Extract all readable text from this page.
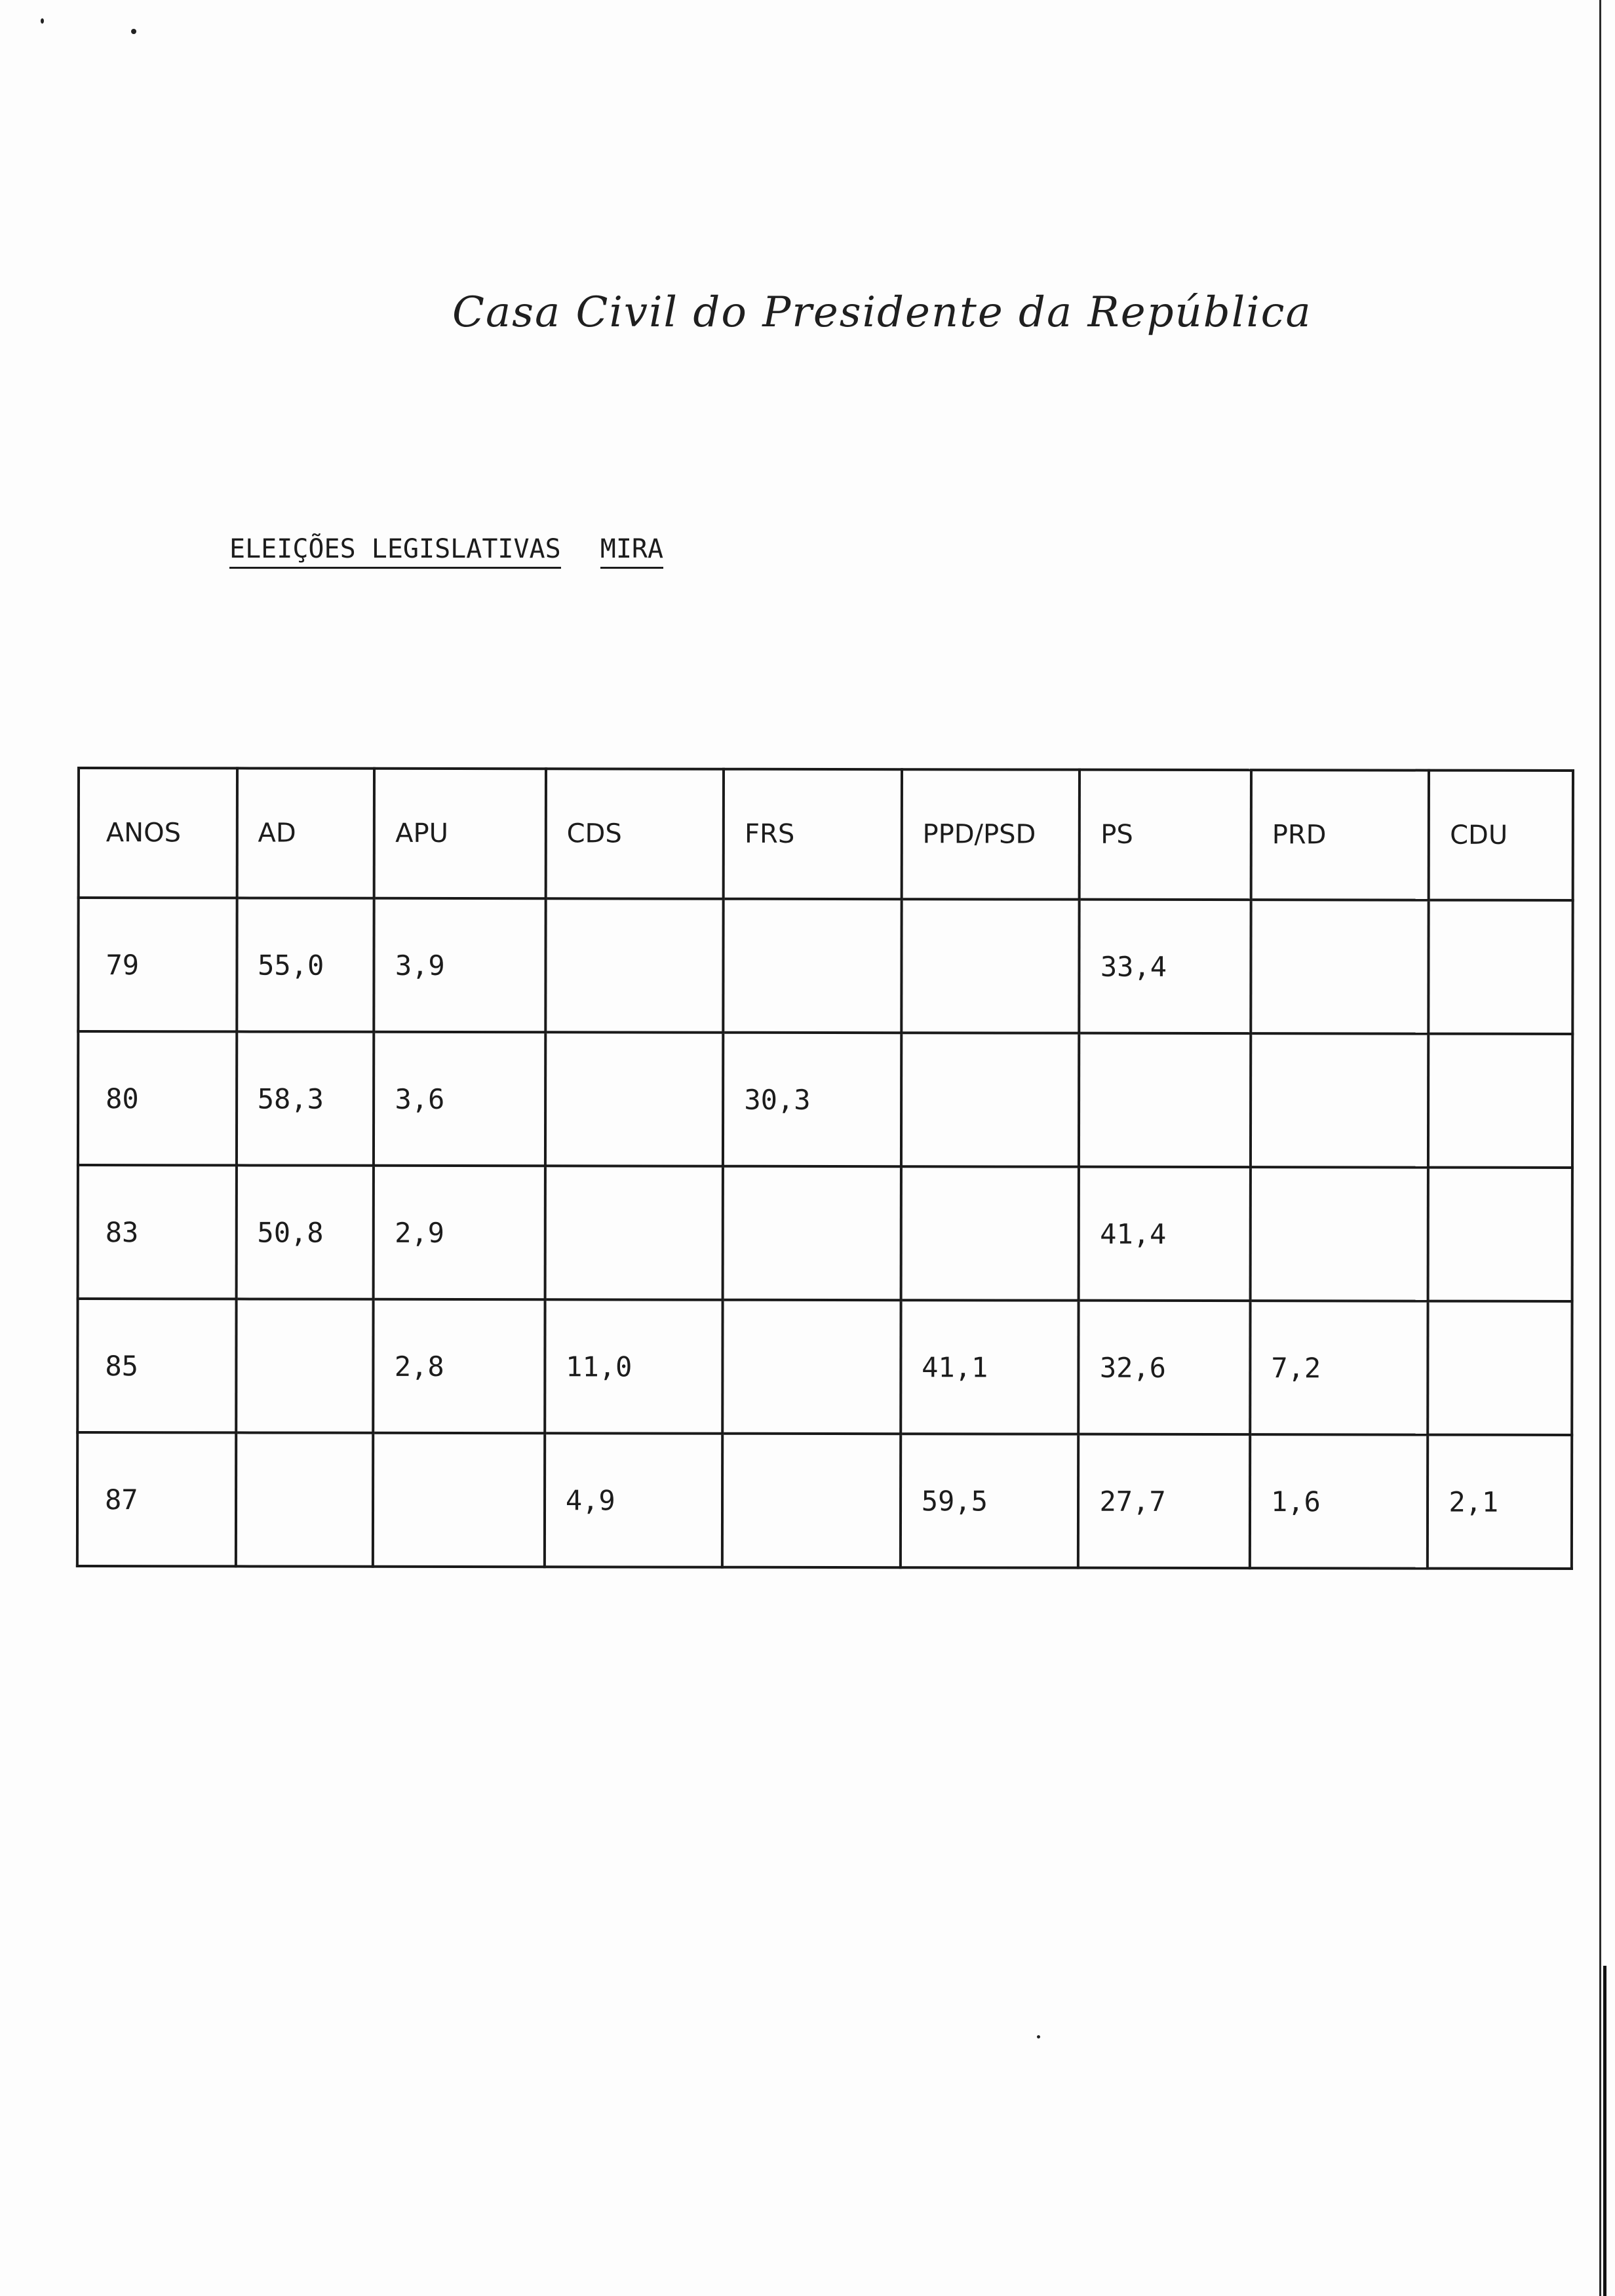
Casa Civil do Presidente da República
ELEIÇÕES LEGISLATIVAS MIRA
ANOS	AD	APU	CDS	FRS	PPD/PSD	PS	PRD	CDU
79	55,0	3,9				33,4		
80	58,3	3,6		30,3				
83	50,8	2,9				41,4		
85		2,8	11,0		41,1	32,6	7,2	
87			4,9		59,5	27,7	1,6	2,1
